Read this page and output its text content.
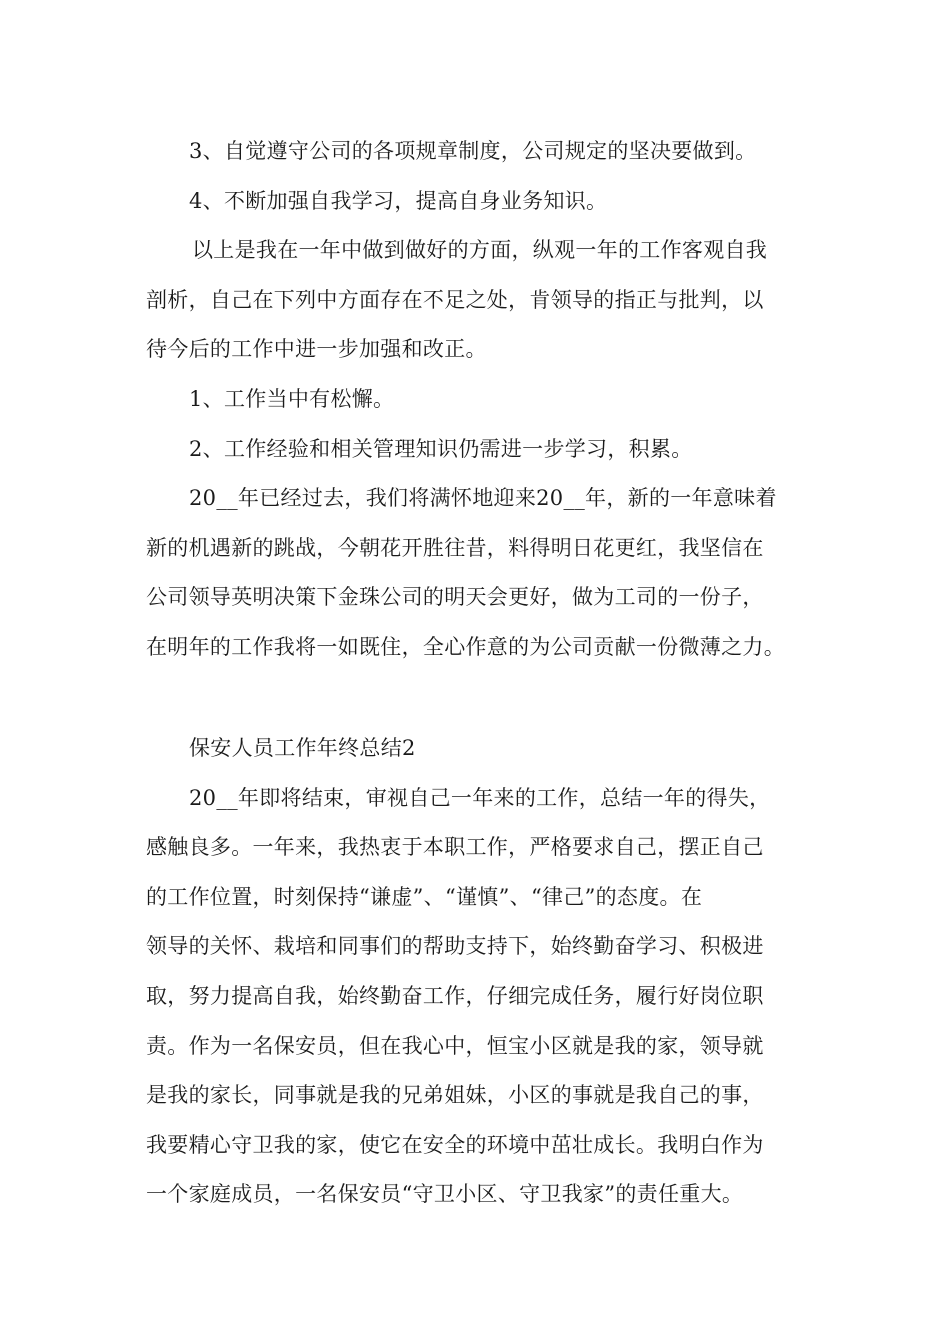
3、自觉遵守公司的各项规章制度，公司规定的坚决要做到。
4、不断加强自我学习，提高自身业务知识。
以上是我在一年中做到做好的方面，纵观一年的工作客观自我
剖析，自己在下列中方面存在不足之处，肯领导的指正与批判，以
待今后的工作中进一步加强和改正。
1、工作当中有松懈。
2、工作经验和相关管理知识仍需进一步学习，积累。
20__年已经过去，我们将满怀地迎来20__年，新的一年意味着
新的机遇新的跳战，今朝花开胜往昔，料得明日花更红，我坚信在
公司领导英明决策下金珠公司的明天会更好，做为工司的一份子，
在明年的工作我将一如既住，全心作意的为公司贡献一份微薄之力。
保安人员工作年终总结2
20__年即将结束，审视自己一年来的工作，总结一年的得失，
感触良多。一年来，我热衷于本职工作，严格要求自己，摆正自己
的工作位置，时刻保持“谦虚”、“谨慎”、“律己”的态度。在
领导的关怀、栽培和同事们的帮助支持下，始终勤奋学习、积极进
取，努力提高自我，始终勤奋工作，仔细完成任务，履行好岗位职
责。作为一名保安员，但在我心中，恒宝小区就是我的家，领导就
是我的家长，同事就是我的兄弟姐妹，小区的事就是我自己的事，
我要精心守卫我的家，使它在安全的环境中茁壮成长。我明白作为
一个家庭成员，一名保安员“守卫小区、守卫我家”的责任重大。
